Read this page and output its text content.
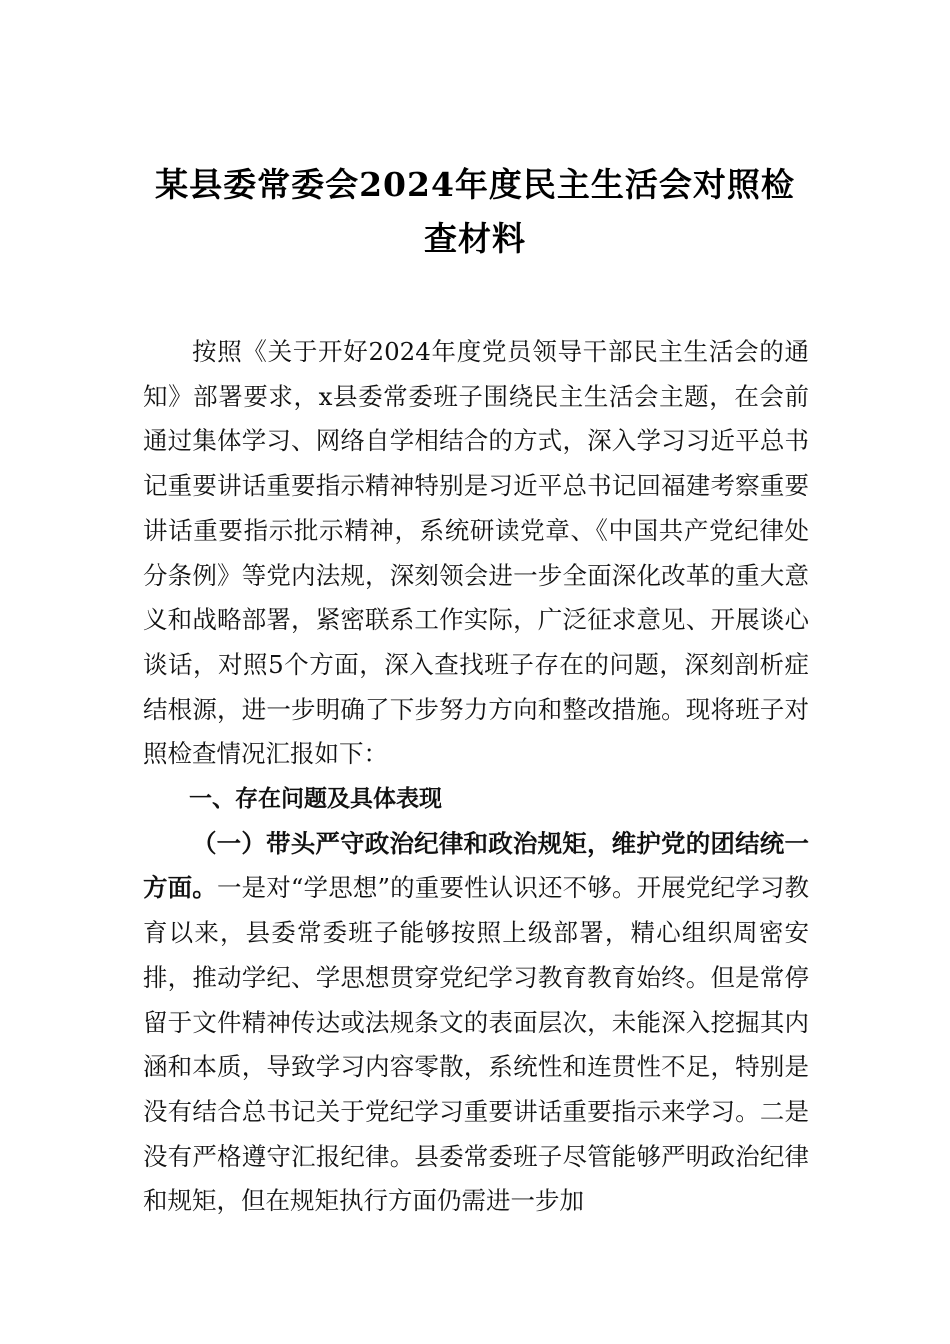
某县委常委会2024年度民主生活会对照检查材料

按照《关于开好2024年度党员领导干部民主生活会的通知》部署要求，x县委常委班子围绕民主生活会主题，在会前通过集体学习、网络自学相结合的方式，深入学习习近平总书记重要讲话重要指示精神特别是习近平总书记回福建考察重要讲话重要指示批示精神，系统研读党章、《中国共产党纪律处分条例》等党内法规，深刻领会进一步全面深化改革的重大意义和战略部署，紧密联系工作实际，广泛征求意见、开展谈心谈话，对照5个方面，深入查找班子存在的问题，深刻剖析症结根源，进一步明确了下步努力方向和整改措施。现将班子对照检查情况汇报如下：

一、存在问题及具体表现

（一）带头严守政治纪律和政治规矩，维护党的团结统一方面。一是对“学思想”的重要性认识还不够。开展党纪学习教育以来，县委常委班子能够按照上级部署，精心组织周密安排，推动学纪、学思想贯穿党纪学习教育教育始终。但是常停留于文件精神传达或法规条文的表面层次，未能深入挖掘其内涵和本质，导致学习内容零散，系统性和连贯性不足，特别是没有结合总书记关于党纪学习重要讲话重要指示来学习。二是没有严格遵守汇报纪律。县委常委班子尽管能够严明政治纪律和规矩，但在规矩执行方面仍需进一步加
